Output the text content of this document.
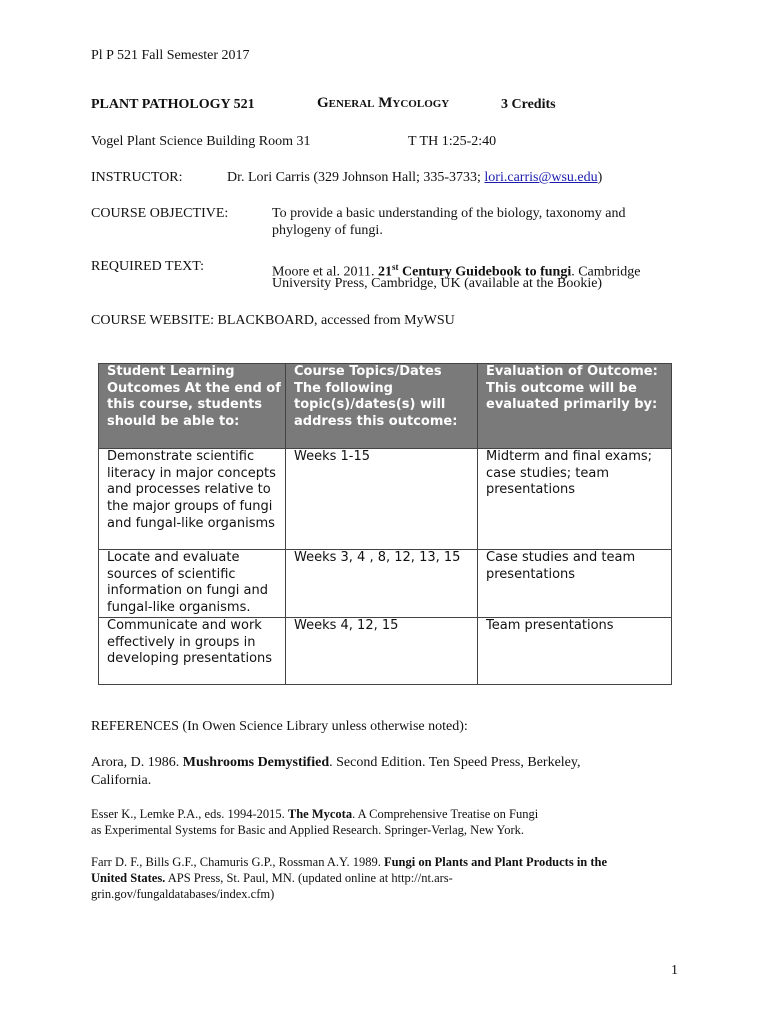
Pl P 521 Fall Semester 2017
PLANT PATHOLOGY 521	General Mycology	3 Credits
Vogel Plant Science Building Room 31	T TH 1:25-2:40
INSTRUCTOR:	Dr. Lori Carris (329 Johnson Hall; 335-3733; lori.carris@wsu.edu)
COURSE OBJECTIVE:	To provide a basic understanding of the biology, taxonomy and
phylogeny of fungi.
REQUIRED TEXT:	Moore et al. 2011. 21st Century Guidebook to fungi. Cambridge
University Press, Cambridge, UK (available at the Bookie)
COURSE WEBSITE: BLACKBOARD, accessed from MyWSU
Student Learning Outcomes At the end of this course, students should be able to:	Course Topics/Dates The following topic(s)/dates(s) will address this outcome:	Evaluation of Outcome: This outcome will be evaluated primarily by:
Demonstrate scientific literacy in major concepts and processes relative to the major groups of fungi and fungal-like organisms	Weeks 1-15	Midterm and final exams; case studies; team presentations
Locate and evaluate sources of scientific information on fungi and fungal-like organisms.	Weeks 3, 4 , 8, 12, 13, 15	Case studies and team presentations
Communicate and work effectively in groups in developing presentations	Weeks 4, 12, 15	Team presentations
REFERENCES (In Owen Science Library unless otherwise noted):
Arora, D. 1986. Mushrooms Demystified. Second Edition. Ten Speed Press, Berkeley,
California.
Esser K., Lemke P.A., eds. 1994-2015. The Mycota. A Comprehensive Treatise on Fungi
as Experimental Systems for Basic and Applied Research. Springer-Verlag, New York.
Farr D. F., Bills G.F., Chamuris G.P., Rossman A.Y. 1989. Fungi on Plants and Plant Products in the
United States. APS Press, St. Paul, MN. (updated online at http://nt.ars-
grin.gov/fungaldatabases/index.cfm)
1
